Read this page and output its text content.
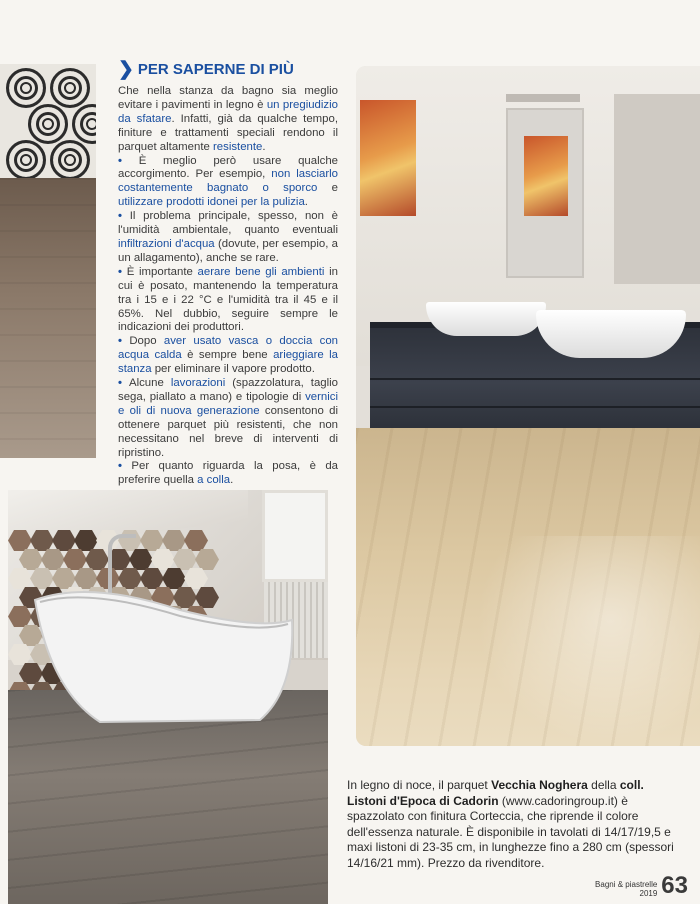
❯ PER SAPERNE DI PIÙ

Che nella stanza da bagno sia meglio evitare i pavimenti in legno è un pregiudizio da sfatare. Infatti, già da qualche tempo, finiture e trattamenti speciali rendono il parquet altamente resistente.

• È meglio però usare qualche accorgimento. Per esempio, non lasciarlo costantemente bagnato o sporco e utilizzare prodotti idonei per la pulizia.

• Il problema principale, spesso, non è l'umidità ambientale, quanto eventuali infiltrazioni d'acqua (dovute, per esempio, a un allagamento), anche se rare.

• È importante aerare bene gli ambienti in cui è posato, mantenendo la temperatura tra i 15 e i 22 °C e l'umidità tra il 45 e il 65%. Nel dubbio, seguire sempre le indicazioni dei produttori.

• Dopo aver usato vasca o doccia con acqua calda è sempre bene arieggiare la stanza per eliminare il vapore prodotto.

• Alcune lavorazioni (spazzolatura, taglio sega, piallato a mano) e tipologie di vernici e oli di nuova generazione consentono di ottenere parquet più resistenti, che non necessitano nel breve di interventi di ripristino.

• Per quanto riguarda la posa, è da preferire quella a colla.

In legno di noce, il parquet Vecchia Noghera della coll. Listoni d'Epoca di Cadorin (www.cadoringroup.it) è spazzolato con finitura Corteccia, che riprende il colore dell'essenza naturale. È disponibile in tavolati di 14/17/19,5 e maxi listoni di 23-35 cm, in lunghezze fino a 280 cm (spessori 14/16/21 mm). Prezzo da rivenditore.
Bagni & piastrelle
2019 63
